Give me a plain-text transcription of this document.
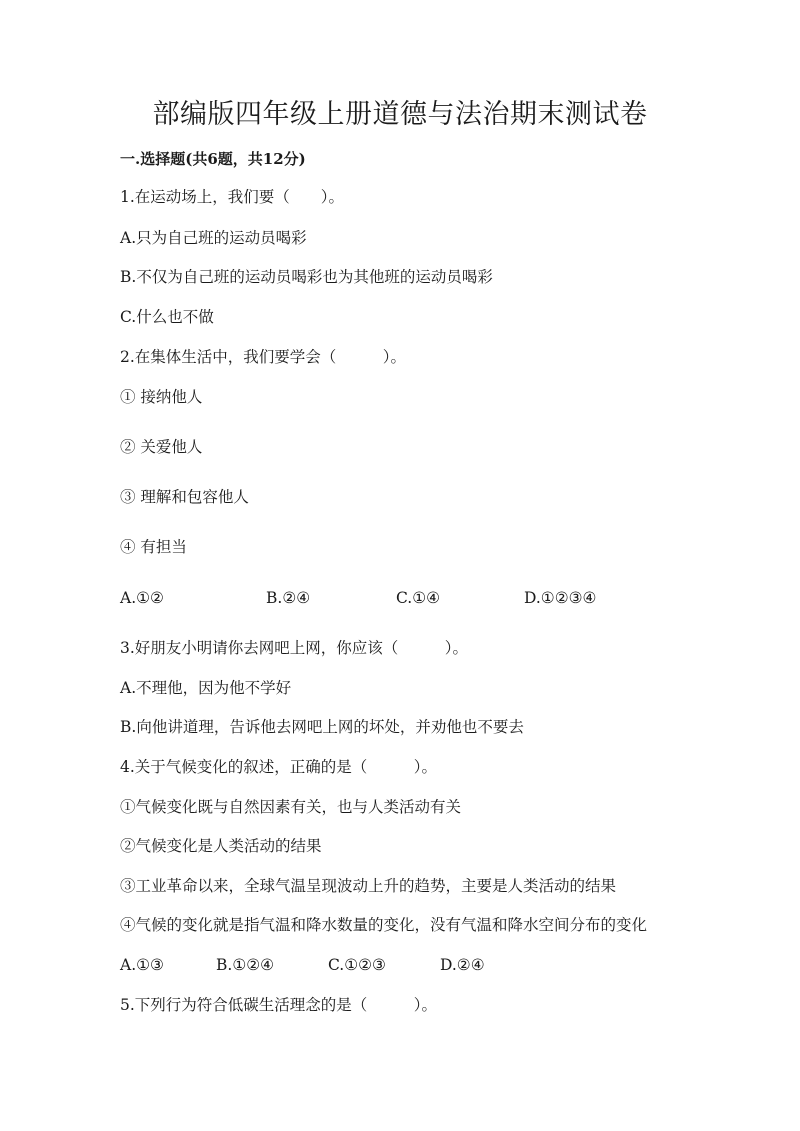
部编版四年级上册道德与法治期末测试卷
一.选择题(共6题，共12分)
1.在运动场上，我们要（　　）。
A.只为自己班的运动员喝彩
B.不仅为自己班的运动员喝彩也为其他班的运动员喝彩
C.什么也不做
2.在集体生活中，我们要学会（　　　）。
① 接纳他人
② 关爱他人
③ 理解和包容他人
④ 有担当
A.①②	B.②④	C.①④	D.①②③④
3.好朋友小明请你去网吧上网，你应该（　　　）。
A.不理他，因为他不学好
B.向他讲道理，告诉他去网吧上网的坏处，并劝他也不要去
4.关于气候变化的叙述，正确的是（　　　）。
①气候变化既与自然因素有关，也与人类活动有关
②气候变化是人类活动的结果
③工业革命以来，全球气温呈现波动上升的趋势，主要是人类活动的结果
④气候的变化就是指气温和降水数量的变化，没有气温和降水空间分布的变化
A.①③	B.①②④	C.①②③	D.②④
5.下列行为符合低碳生活理念的是（　　　）。
